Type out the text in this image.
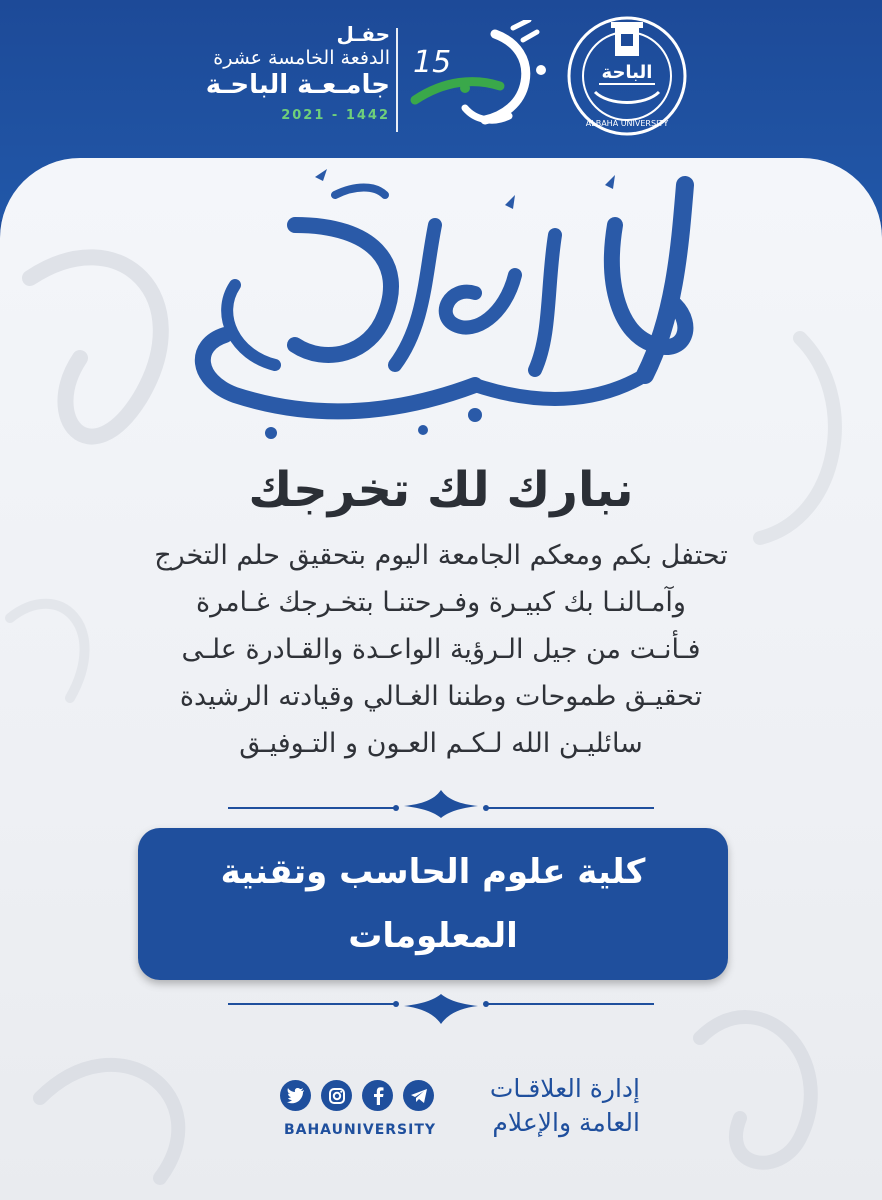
حفـل
الدفعة الخامسة عشرة
جامـعـة الباحـة
2021 - 1442
15	الباحة
ALBAHA UNIVERSITY
نبارك لك تخرجك
تحتفل بكم ومعكم الجامعة اليوم بتحقيق حلم التخرج
وآمـالنـا بك كبيـرة وفـرحتنـا بتخـرجك غـامرة
فـأنـت من جيل الـرؤية الواعـدة والقـادرة علـى
تحقيـق طموحات وطننا الغـالي وقيادته الرشيدة
سائليـن الله لـكـم العـون و التـوفيـق
كلية علوم الحاسب وتقنية المعلومات
BAHAUNIVERSITY
إدارة العلاقـات
العامة والإعلام
